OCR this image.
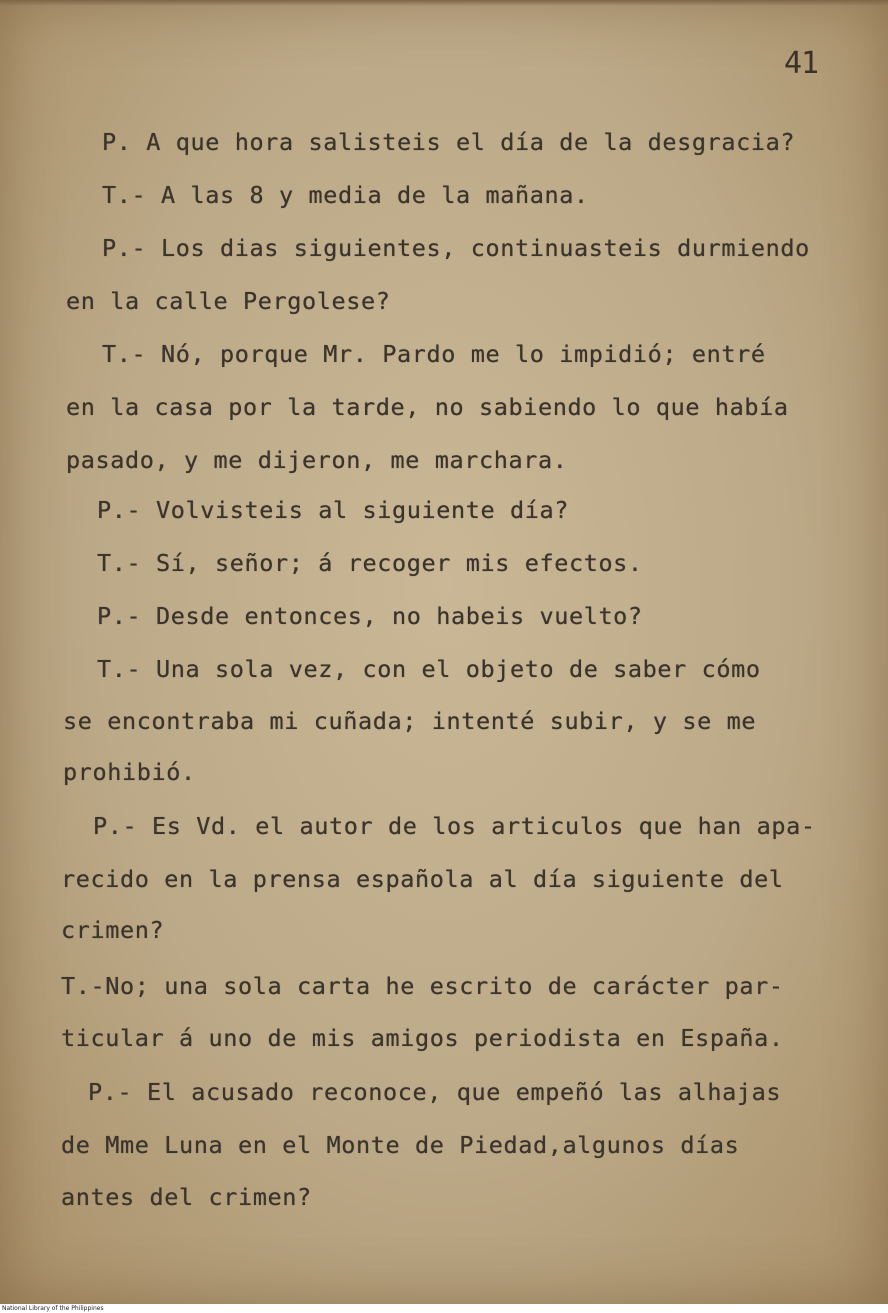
41
P. A que hora salisteis el día de la desgracia?
T.- A las 8 y media de la mañana.
P.- Los dias siguientes, continuasteis durmiendo
en la calle Pergolese?
T.- Nó, porque Mr. Pardo me lo impidió; entré
en la casa por la tarde, no sabiendo lo que había
pasado, y me dijeron, me marchara.
P.- Volvisteis al siguiente día?
T.- Sí, señor; á recoger mis efectos.
P.- Desde entonces, no habeis vuelto?
T.- Una sola vez, con el objeto de saber cómo
se encontraba mi cuñada; intenté subir, y se me
prohibió.
P.- Es Vd. el autor de los articulos que han apa-
recido en la prensa española al día siguiente del
crimen?
T.-No; una sola carta he escrito de carácter par-
ticular á uno de mis amigos periodista en España.
P.- El acusado reconoce, que empeñó las alhajas
de Mme Luna en el Monte de Piedad,algunos días
antes del crimen?
National Library of the Philippines
